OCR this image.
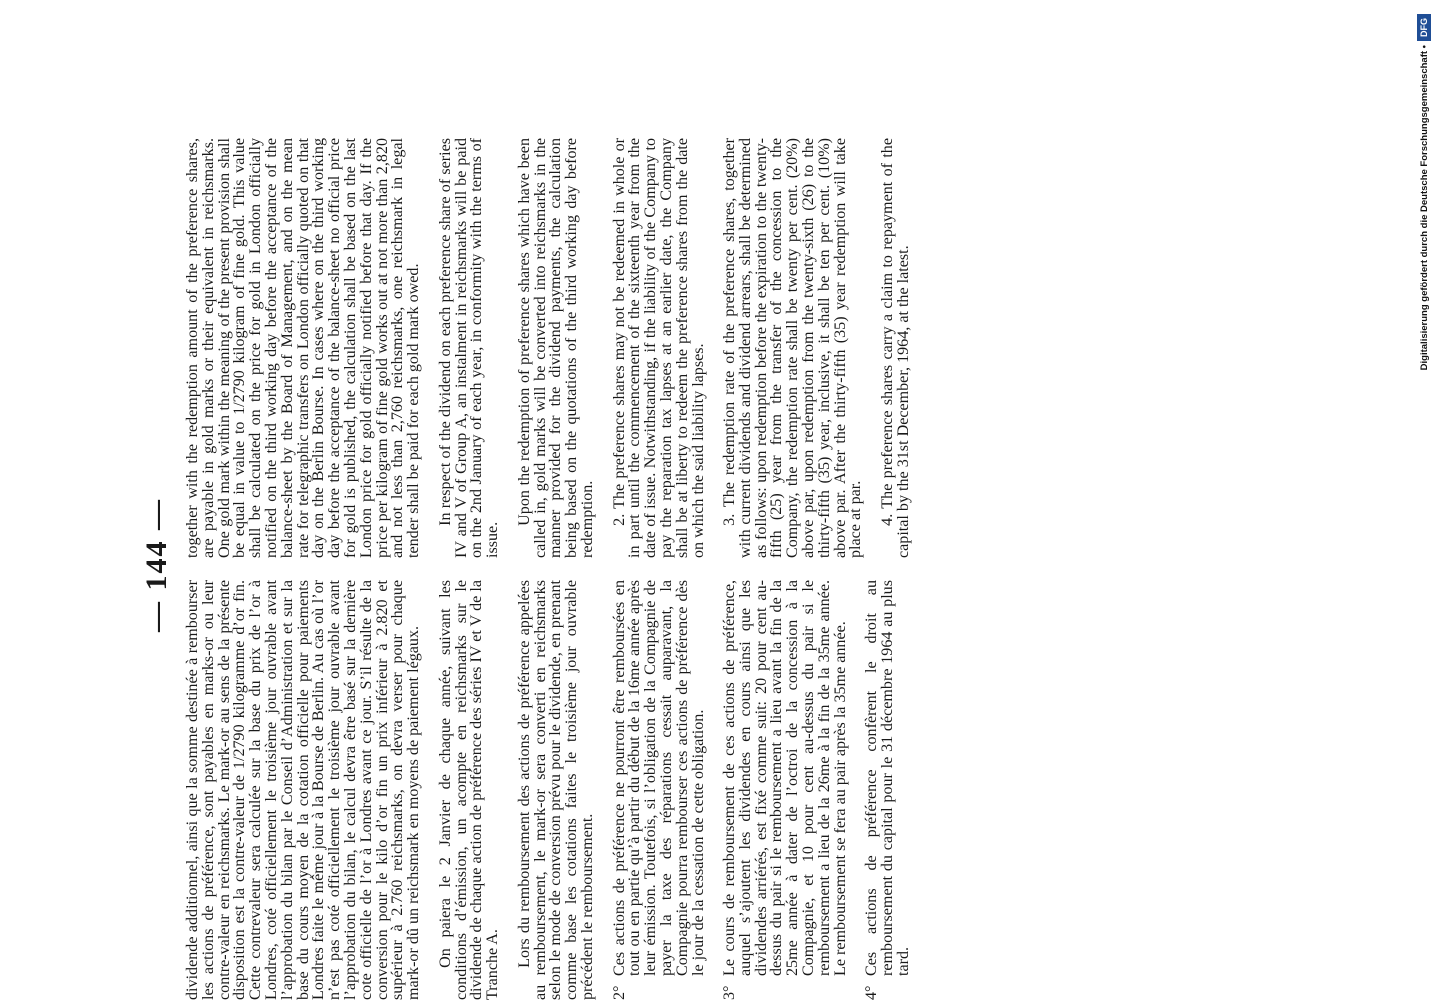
— 144 —

dividende additionnel, ainsi que la somme destinée à rembourser les actions de préférence, sont payables en marks-or ou leur contre-valeur en reichsmarks. Le mark-or au sens de la présente disposition est la contre-valeur de 1/2790 kilogramme d’or fin. Cette contrevaleur sera calculée sur la base du prix de l’or à Londres, coté officiellement le troisième jour ouvrable avant l’approbation du bilan par le Conseil d’Administration et sur la base du cours moyen de la cotation officielle pour paiements Londres faite le même jour à la Bourse de Berlin. Au cas où l’or n’est pas coté officiellement le troisième jour ouvrable avant l’approbation du bilan, le calcul devra être basé sur la dernière cote officielle de l’or à Londres avant ce jour. S’il résulte de la conversion pour le kilo d’or fin un prix inférieur à 2.820 et supérieur à 2.760 reichsmarks, on devra verser pour chaque mark-or dû un reichsmark en moyens de paiement légaux. On paiera le 2 Janvier de chaque année, suivant les conditions d’émission, un acompte en reichsmarks sur le dividende de chaque action de préférence des séries IV et V de la Tranche A. Lors du remboursement des actions de préférence appelées au remboursement, le mark-or sera converti en reichsmarks selon le mode de conversion prévu pour le dividende, en prenant comme base les cotations faites le troisième jour ouvrable précédent le remboursement. 2°
Ces actions de préférence ne pourront être remboursées en tout ou en partie qu’à partir du début de la 16me année après leur émission. Toutefois, si l’obligation de la Compagnie de payer la taxe des réparations cessait auparavant, la Compagnie pourra rembourser ces actions de préférence dès le jour de la cessation de cette obligation.
3°
Le cours de remboursement de ces actions de préférence, auquel s’ajoutent les dividendes en cours ainsi que les dividendes arriérés, est fixé comme suit: 20 pour cent au-dessus du pair si le remboursement a lieu avant la fin de la 25me année à dater de l’octroi de la concession à la Compagnie, et 10 pour cent au-dessus du pair si le remboursement a lieu de la 26me à la fin de la 35me année. Le remboursement se fera au pair après la 35me année.
4°
Ces actions de préférence confèrent le droit au remboursement du capital pour le 31 décembre 1964 au plus tard.

together with the redemption amount of the preference shares, are payable in gold marks or their equivalent in reichsmarks. One gold mark within the meaning of the present provision shall be equal in value to 1/2790 kilogram of fine gold. This value shall be calculated on the price for gold in London officially notified on the third working day before the acceptance of the balance-sheet by the Board of Management, and on the mean rate for telegraphic transfers on London officially quoted on that day on the Berlin Bourse. In cases where on the third working day before the acceptance of the balance-sheet no official price for gold is published, the calculation shall be based on the last London price for gold officially notified before that day. If the price per kilogram of fine gold works out at not more than 2,820 and not less than 2,760 reichsmarks, one reichsmark in legal tender shall be paid for each gold mark owed. In respect of the dividend on each preference share of series IV and V of Group A, an instalment in reichsmarks will be paid on the 2nd January of each year, in conformity with the terms of issue.

Upon the redemption of preference shares which have been called in, gold marks will be converted into reichsmarks in the manner provided for the dividend payments, the calculation being based on the quotations of the third working day before redemption. 2. The preference shares may not be redeemed in whole or in part until the commencement of the sixteenth year from the date of issue. Notwithstanding, if the liability of the Company to pay the reparation tax lapses at an earlier date, the Company shall be at liberty to redeem the preference shares from the date on which the said liability lapses. 3. The redemption rate of the preference shares, together with current dividends and dividend arrears, shall be determined as follows: upon redemption before the expiration to the twenty-fifth (25) year from the transfer of the concession to the Company, the redemption rate shall be twenty per cent. (20%) above par, upon redemption from the twenty-sixth (26) to the thirty-fifth (35) year, inclusive, it shall be ten per cent. (10%) above par. After the thirty-fifth (35) year redemption will take place at par. 4. The preference shares carry a claim to repayment of the capital by the 31st December, 1964, at the latest.

Digitalisierung gefördert durch die Deutsche Forschungsgemeinschaft •DFG
